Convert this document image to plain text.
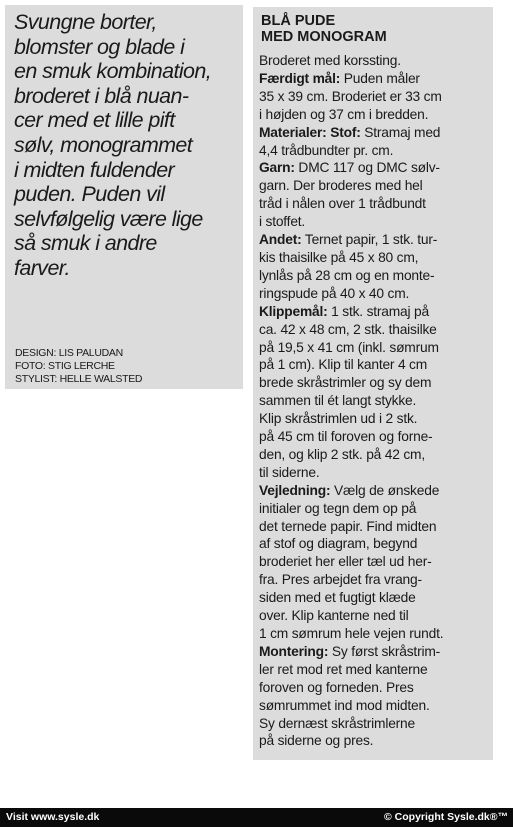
Svungne borter,
blomster og blade i
en smuk kombination,
broderet i blå nuan-
cer med et lille pift
sølv, monogrammet
i midten fuldender
puden. Puden vil
selvfølgelig være lige
så smuk i andre
farver.

DESIGN: LIS PALUDAN
FOTO: STIG LERCHE
STYLIST: HELLE WALSTED
BLÅ PUDE
MED MONOGRAM
Broderet med korssting.
Færdigt mål: Puden måler
35 x 39 cm. Broderiet er 33 cm
i højden og 37 cm i bredden.
Materialer: Stof: Stramaj med
4,4 trådbundter pr. cm.
Garn: DMC 117 og DMC sølv-
garn. Der broderes med hel
tråd i nålen over 1 trådbundt
i stoffet.
Andet: Ternet papir, 1 stk. tur-
kis thaisilke på 45 x 80 cm,
lynlås på 28 cm og en monte-
ringspude på 40 x 40 cm.
Klippemål: 1 stk. stramaj på
ca. 42 x 48 cm, 2 stk. thaisilke
på 19,5 x 41 cm (inkl. sømrum
på 1 cm). Klip til kanter 4 cm
brede skråstrimler og sy dem
sammen til ét langt stykke.
Klip skråstrimlen ud i 2 stk.
på 45 cm til foroven og forne-
den, og klip 2 stk. på 42 cm,
til siderne.
Vejledning: Vælg de ønskede
initialer og tegn dem op på
det ternede papir. Find midten
af stof og diagram, begynd
broderiet her eller tæl ud her-
fra. Pres arbejdet fra vrang-
siden med et fugtigt klæde
over. Klip kanterne ned til
1 cm sømrum hele vejen rundt.
Montering: Sy først skråstrim-
ler ret mod ret med kanterne
foroven og forneden. Pres
sømrummet ind mod midten.
Sy dernæst skråstrimlerne
på siderne og pres.
Visit www.sysle.dk	© Copyright Sysle.dk®™
